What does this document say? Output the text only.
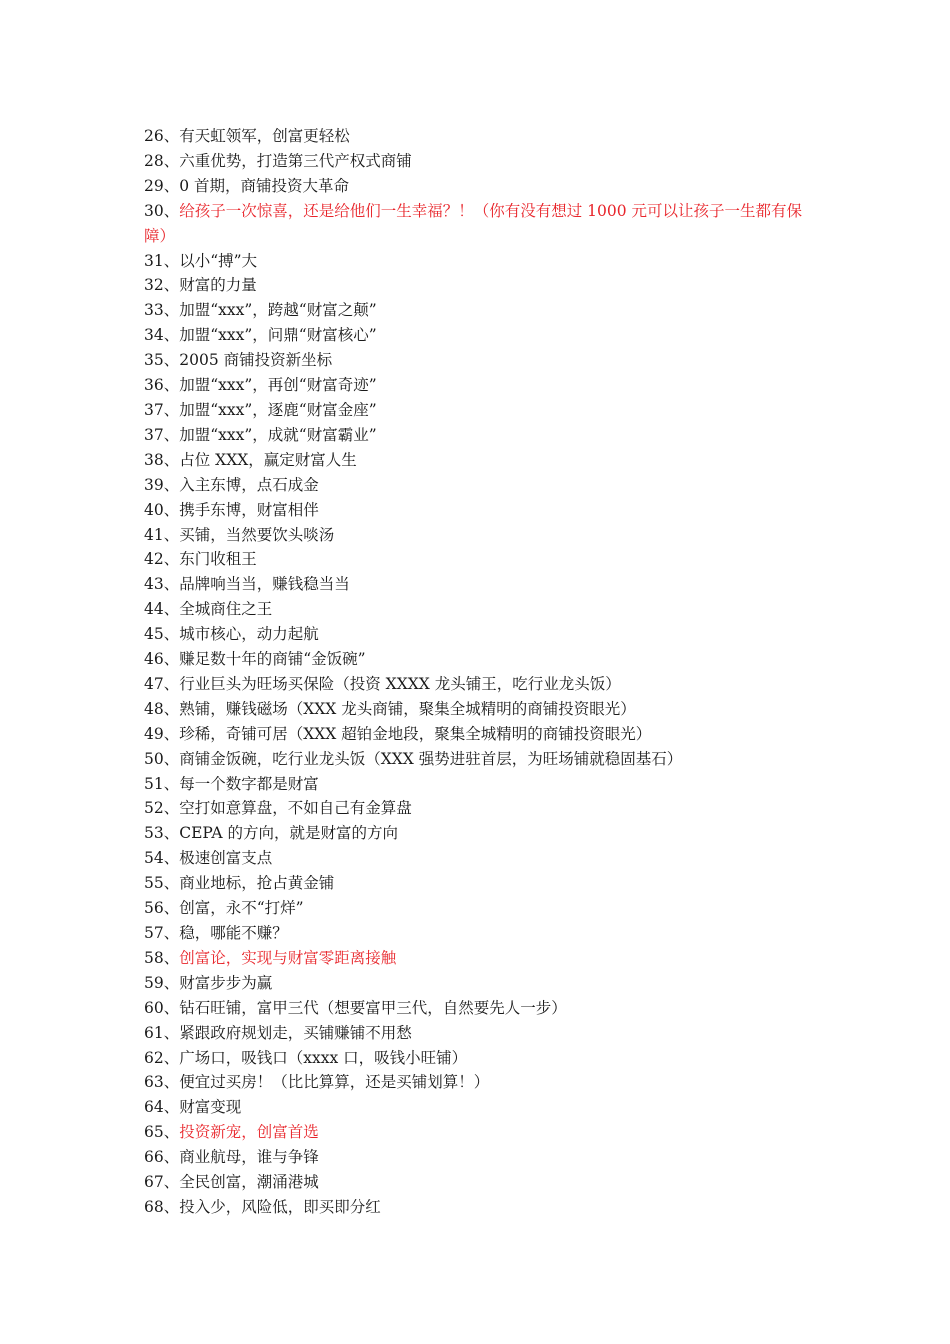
26、有天虹领军，创富更轻松
28、六重优势，打造第三代产权式商铺
29、0 首期，商铺投资大革命
30、给孩子一次惊喜，还是给他们一生幸福？！（你有没有想过 1000 元可以让孩子一生都有保障）
31、以小“搏”大
32、财富的力量
33、加盟“xxx”，跨越“财富之颠”
34、加盟“xxx”，问鼎“财富核心”
35、2005 商铺投资新坐标
36、加盟“xxx”，再创“财富奇迹”
37、加盟“xxx”，逐鹿“财富金座”
37、加盟“xxx”，成就“财富霸业”
38、占位 XXX，赢定财富人生
39、入主东博，点石成金
40、携手东博，财富相伴
41、买铺，当然要饮头啖汤
42、东门收租王
43、品牌响当当，赚钱稳当当
44、全城商住之王
45、城市核心，动力起航
46、赚足数十年的商铺“金饭碗”
47、行业巨头为旺场买保险（投资 XXXX 龙头铺王，吃行业龙头饭）
48、熟铺，赚钱磁场（XXX 龙头商铺，聚集全城精明的商铺投资眼光）
49、珍稀，奇铺可居（XXX 超铂金地段，聚集全城精明的商铺投资眼光）
50、商铺金饭碗，吃行业龙头饭（XXX 强势进驻首层，为旺场铺就稳固基石）
51、每一个数字都是财富
52、空打如意算盘，不如自己有金算盘
53、CEPA 的方向，就是财富的方向
54、极速创富支点
55、商业地标，抢占黄金铺
56、创富，永不“打烊”
57、稳，哪能不赚？
58、创富论，实现与财富零距离接触
59、财富步步为赢
60、钻石旺铺，富甲三代（想要富甲三代，自然要先人一步）
61、紧跟政府规划走，买铺赚铺不用愁
62、广场口，吸钱口（xxxx 口，吸钱小旺铺）
63、便宜过买房！（比比算算，还是买铺划算！）
64、财富变现
65、投资新宠，创富首选
66、商业航母，谁与争锋
67、全民创富，潮涌港城
68、投入少，风险低，即买即分红
